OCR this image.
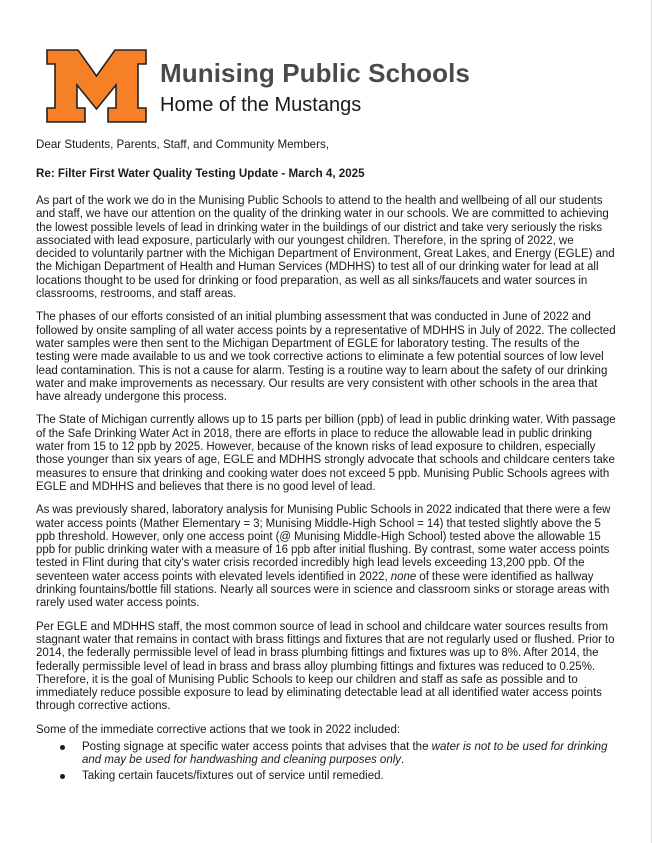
Munising Public Schools
Home of the Mustangs
Dear Students, Parents, Staff, and Community Members,
Re: Filter First Water Quality Testing Update - March 4, 2025

As part of the work we do in the Munising Public Schools to attend to the health and wellbeing of all our students and staff, we have our attention on the quality of the drinking water in our schools. We are committed to achieving the lowest possible levels of lead in drinking water in the buildings of our district and take very seriously the risks associated with lead exposure, particularly with our youngest children. Therefore, in the spring of 2022, we decided to voluntarily partner with the Michigan Department of Environment, Great Lakes, and Energy (EGLE) and the Michigan Department of Health and Human Services (MDHHS) to test all of our drinking water for lead at all locations thought to be used for drinking or food preparation, as well as all sinks/faucets and water sources in classrooms, restrooms, and staff areas.

The phases of our efforts consisted of an initial plumbing assessment that was conducted in June of 2022 and followed by onsite sampling of all water access points by a representative of MDHHS in July of 2022. The collected water samples were then sent to the Michigan Department of EGLE for laboratory testing. The results of the testing were made available to us and we took corrective actions to eliminate a few potential sources of low level lead contamination. This is not a cause for alarm. Testing is a routine way to learn about the safety of our drinking water and make improvements as necessary. Our results are very consistent with other schools in the area that have already undergone this process.

The State of Michigan currently allows up to 15 parts per billion (ppb) of lead in public drinking water. With passage of the Safe Drinking Water Act in 2018, there are efforts in place to reduce the allowable lead in public drinking water from 15 to 12 ppb by 2025. However, because of the known risks of lead exposure to children, especially those younger than six years of age, EGLE and MDHHS strongly advocate that schools and childcare centers take measures to ensure that drinking and cooking water does not exceed 5 ppb. Munising Public Schools agrees with EGLE and MDHHS and believes that there is no good level of lead.

As was previously shared, laboratory analysis for Munising Public Schools in 2022 indicated that there were a few water access points (Mather Elementary = 3; Munising Middle-High School = 14) that tested slightly above the 5 ppb threshold. However, only one access point (@ Munising Middle-High School) tested above the allowable 15 ppb for public drinking water with a measure of 16 ppb after initial flushing. By contrast, some water access points tested in Flint during that city's water crisis recorded incredibly high lead levels exceeding 13,200 ppb. Of the seventeen water access points with elevated levels identified in 2022, none of these were identified as hallway drinking fountains/bottle fill stations. Nearly all sources were in science and classroom sinks or storage areas with rarely used water access points.

Per EGLE and MDHHS staff, the most common source of lead in school and childcare water sources results from stagnant water that remains in contact with brass fittings and fixtures that are not regularly used or flushed. Prior to 2014, the federally permissible level of lead in brass plumbing fittings and fixtures was up to 8%. After 2014, the federally permissible level of lead in brass and brass alloy plumbing fittings and fixtures was reduced to 0.25%. Therefore, it is the goal of Munising Public Schools to keep our children and staff as safe as possible and to immediately reduce possible exposure to lead by eliminating detectable lead at all identified water access points through corrective actions.

Some of the immediate corrective actions that we took in 2022 included:

Posting signage at specific water access points that advises that the water is not to be used for drinking and may be used for handwashing and cleaning purposes only.
Taking certain faucets/fixtures out of service until remedied.
